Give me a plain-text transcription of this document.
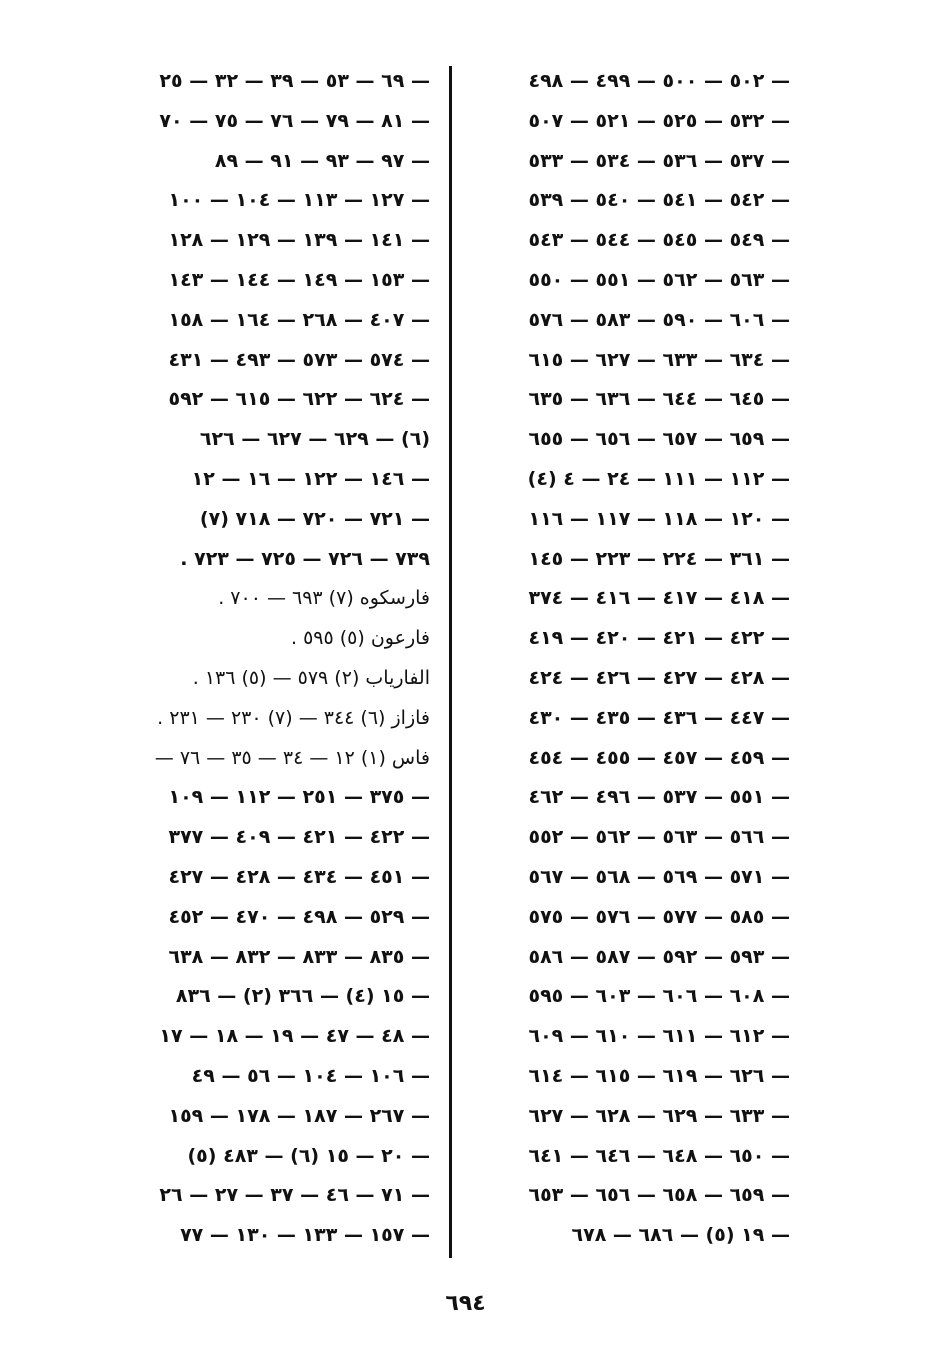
— ٥٠٢ — ٥٠٠ — ٤٩٩ — ٤٩٨
— ٥٣٢ — ٥٢٥ — ٥٢١ — ٥٠٧
— ٥٣٧ — ٥٣٦ — ٥٣٤ — ٥٣٣
— ٥٤٢ — ٥٤١ — ٥٤٠ — ٥٣٩
— ٥٤٩ — ٥٤٥ — ٥٤٤ — ٥٤٣
— ٥٦٣ — ٥٦٢ — ٥٥١ — ٥٥٠
— ٦٠٦ — ٥٩٠ — ٥٨٣ — ٥٧٦
— ٦٣٤ — ٦٣٣ — ٦٢٧ — ٦١٥
— ٦٤٥ — ٦٤٤ — ٦٣٦ — ٦٣٥
— ٦٥٩ — ٦٥٧ — ٦٥٦ — ٦٥٥
— ١١٢ — ١١١ — ٢٤ — ٤ (٤)
— ١٢٠ — ١١٨ — ١١٧ — ١١٦
— ٣٦١ — ٢٢٤ — ٢٢٣ — ١٤٥
— ٤١٨ — ٤١٧ — ٤١٦ — ٣٧٤
— ٤٢٢ — ٤٢١ — ٤٢٠ — ٤١٩
— ٤٢٨ — ٤٢٧ — ٤٢٦ — ٤٢٤
— ٤٤٧ — ٤٣٦ — ٤٣٥ — ٤٣٠
— ٤٥٩ — ٤٥٧ — ٤٥٥ — ٤٥٤
— ٥٥١ — ٥٣٧ — ٤٩٦ — ٤٦٢
— ٥٦٦ — ٥٦٣ — ٥٦٢ — ٥٥٢
— ٥٧١ — ٥٦٩ — ٥٦٨ — ٥٦٧
— ٥٨٥ — ٥٧٧ — ٥٧٦ — ٥٧٥
— ٥٩٣ — ٥٩٢ — ٥٨٧ — ٥٨٦
— ٦٠٨ — ٦٠٦ — ٦٠٣ — ٥٩٥
— ٦١٢ — ٦١١ — ٦١٠ — ٦٠٩
— ٦٢٦ — ٦١٩ — ٦١٥ — ٦١٤
— ٦٣٣ — ٦٢٩ — ٦٢٨ — ٦٢٧
— ٦٥٠ — ٦٤٨ — ٦٤٦ — ٦٤١
— ٦٥٩ — ٦٥٨ — ٦٥٦ — ٦٥٣
— ١٩ (٥) — ٦٨٦ — ٦٧٨
— ٦٩ — ٥٣ — ٣٩ — ٣٢ — ٢٥
— ٨١ — ٧٩ — ٧٦ — ٧٥ — ٧٠
— ٩٧ — ٩٣ — ٩١ — ٨٩
— ١٢٧ — ١١٣ — ١٠٤ — ١٠٠
— ١٤١ — ١٣٩ — ١٢٩ — ١٢٨
— ١٥٣ — ١٤٩ — ١٤٤ — ١٤٣
— ٤٠٧ — ٢٦٨ — ١٦٤ — ١٥٨
— ٥٧٤ — ٥٧٣ — ٤٩٣ — ٤٣١
— ٦٢٤ — ٦٢٢ — ٦١٥ — ٥٩٢
(٦) — ٦٢٩ — ٦٢٧ — ٦٢٦
— ١٤٦ — ١٢٢ — ١٦ — ١٢
— ٧٢١ — ٧٢٠ — ٧١٨ (٧)
٧٣٩ — ٧٢٦ — ٧٢٥ — ٧٢٣ .
فارسكوه (٧) ٦٩٣ — ٧٠٠ .
فارعون (٥) ٥٩٥ .
الفارياب (٢) ٥٧٩ — (٥) ١٣٦ .
فازاز (٦) ٣٤٤ — (٧) ٢٣٠ — ٢٣١ .
فاس (١) ١٢ — ٣٤ — ٣٥ — ٧٦ —
— ٣٧٥ — ٢٥١ — ١١٢ — ١٠٩
— ٤٢٢ — ٤٢١ — ٤٠٩ — ٣٧٧
— ٤٥١ — ٤٣٤ — ٤٢٨ — ٤٢٧
— ٥٢٩ — ٤٩٨ — ٤٧٠ — ٤٥٢
— ٨٣٥ — ٨٣٣ — ٨٣٢ — ٦٣٨
— ١٥ (٤) — ٣٦٦ (٢) — ٨٣٦
— ٤٨ — ٤٧ — ١٩ — ١٨ — ١٧
— ١٠٦ — ١٠٤ — ٥٦ — ٤٩
— ٢٦٧ — ١٨٧ — ١٧٨ — ١٥٩
— ٢٠ — ١٥ (٦) — ٤٨٣ (٥)
— ٧١ — ٤٦ — ٣٧ — ٢٧ — ٢٦
— ١٥٧ — ١٣٣ — ١٣٠ — ٧٧
٦٩٤
